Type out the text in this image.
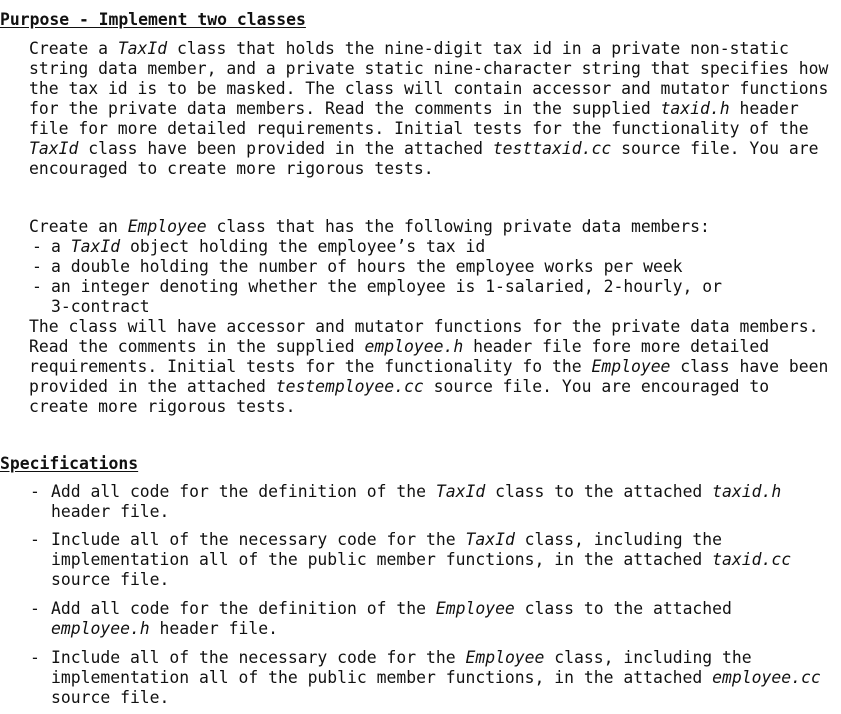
Purpose - Implement two classes
Create a TaxId class that holds the nine-digit tax id in a private non-static
string data member, and a private static nine-character string that specifies how
the tax id is to be masked. The class will contain accessor and mutator functions
for the private data members. Read the comments in the supplied taxid.h header
file for more detailed requirements. Initial tests for the functionality of the
TaxId class have been provided in the attached testtaxid.cc source file. You are
encouraged to create more rigorous tests.
Create an Employee class that has the following private data members:
- a TaxId object holding the employee’s tax id
- a double holding the number of hours the employee works per week
- an integer denoting whether the employee is 1-salaried, 2-hourly, or
3-contract
The class will have accessor and mutator functions for the private data members.
Read the comments in the supplied employee.h header file fore more detailed
requirements. Initial tests for the functionality fo the Employee class have been
provided in the attached testemployee.cc source file. You are encouraged to
create more rigorous tests.
Specifications
- Add all code for the definition of the TaxId class to the attached taxid.h
header file.
- Include all of the necessary code for the TaxId class, including the
implementation all of the public member functions, in the attached taxid.cc
source file.
- Add all code for the definition of the Employee class to the attached
employee.h header file.
- Include all of the necessary code for the Employee class, including the
implementation all of the public member functions, in the attached employee.cc
source file.
